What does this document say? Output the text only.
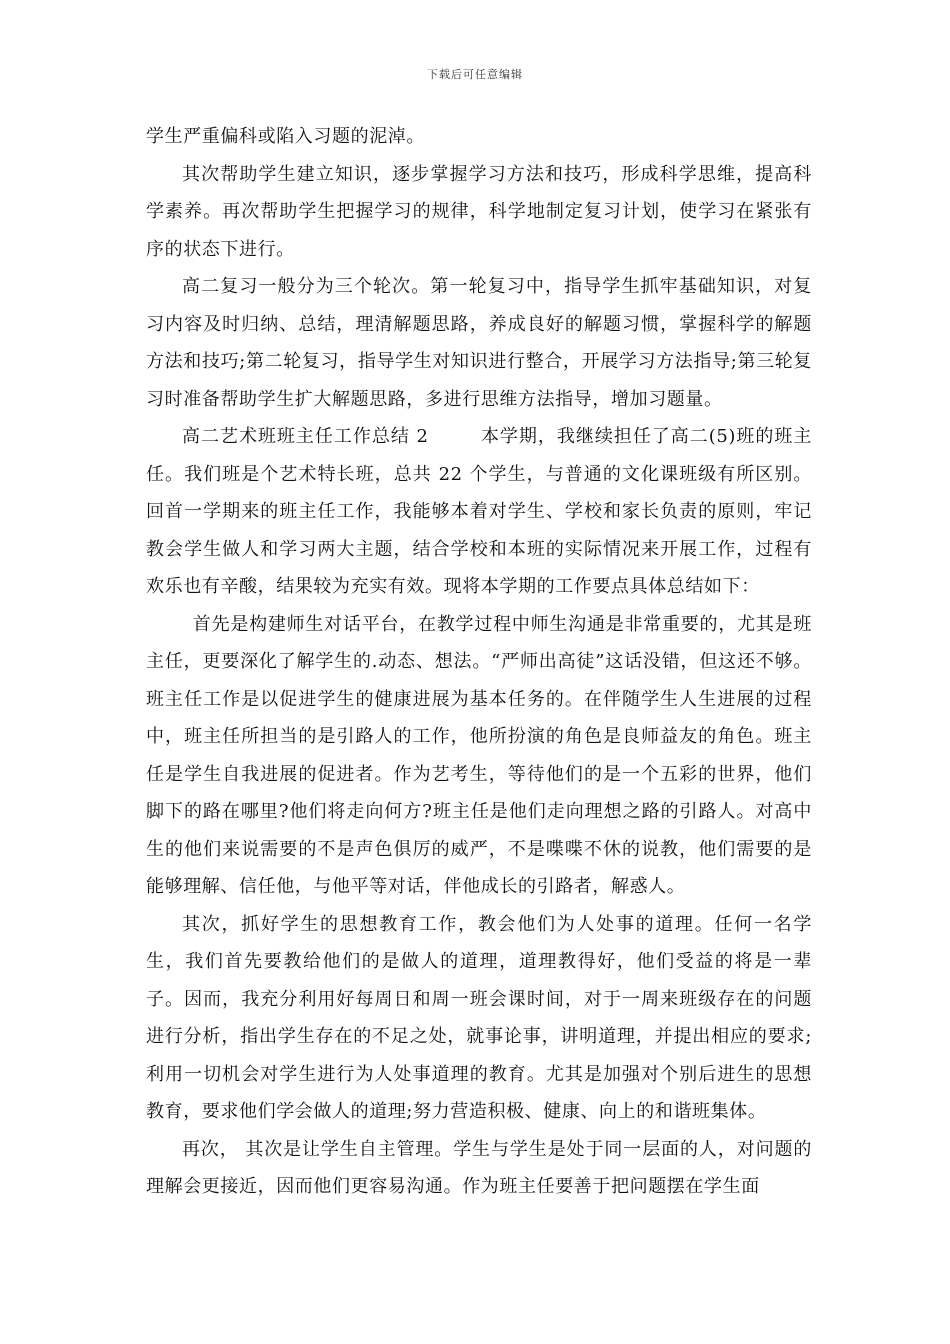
下载后可任意编辑

学生严重偏科或陷入习题的泥淖。

其次帮助学生建立知识，逐步掌握学习方法和技巧，形成科学思维，提高科学素养。再次帮助学生把握学习的规律，科学地制定复习计划，使学习在紧张有序的状态下进行。

高二复习一般分为三个轮次。第一轮复习中，指导学生抓牢基础知识，对复习内容及时归纳、总结，理清解题思路，养成良好的解题习惯，掌握科学的解题方法和技巧;第二轮复习，指导学生对知识进行整合，开展学习方法指导;第三轮复习时准备帮助学生扩大解题思路，多进行思维方法指导，增加习题量。

高二艺术班班主任工作总结 2	本学期，我继续担任了高二(5)班的班主任。我们班是个艺术特长班，总共 22 个学生，与普通的文化课班级有所区别。回首一学期来的班主任工作，我能够本着对学生、学校和家长负责的原则，牢记教会学生做人和学习两大主题，结合学校和本班的实际情况来开展工作，过程有欢乐也有辛酸，结果较为充实有效。现将本学期的工作要点具体总结如下：

首先是构建师生对话平台，在教学过程中师生沟通是非常重要的，尤其是班主任，更要深化了解学生的.动态、想法。“严师出高徒”这话没错，但这还不够。班主任工作是以促进学生的健康进展为基本任务的。在伴随学生人生进展的过程中，班主任所担当的是引路人的工作，他所扮演的角色是良师益友的角色。班主任是学生自我进展的促进者。作为艺考生，等待他们的是一个五彩的世界，他们脚下的路在哪里?他们将走向何方?班主任是他们走向理想之路的引路人。对高中生的他们来说需要的不是声色俱厉的威严，不是喋喋不休的说教，他们需要的是能够理解、信任他，与他平等对话，伴他成长的引路者，解惑人。

其次，抓好学生的思想教育工作，教会他们为人处事的道理。任何一名学生，我们首先要教给他们的是做人的道理，道理教得好，他们受益的将是一辈子。因而，我充分利用好每周日和周一班会课时间，对于一周来班级存在的问题进行分析，指出学生存在的不足之处，就事论事，讲明道理，并提出相应的要求;利用一切机会对学生进行为人处事道理的教育。尤其是加强对个别后进生的思想教育，要求他们学会做人的道理;努力营造积极、健康、向上的和谐班集体。

再次， 其次是让学生自主管理。学生与学生是处于同一层面的人，对问题的理解会更接近，因而他们更容易沟通。作为班主任要善于把问题摆在学生面
